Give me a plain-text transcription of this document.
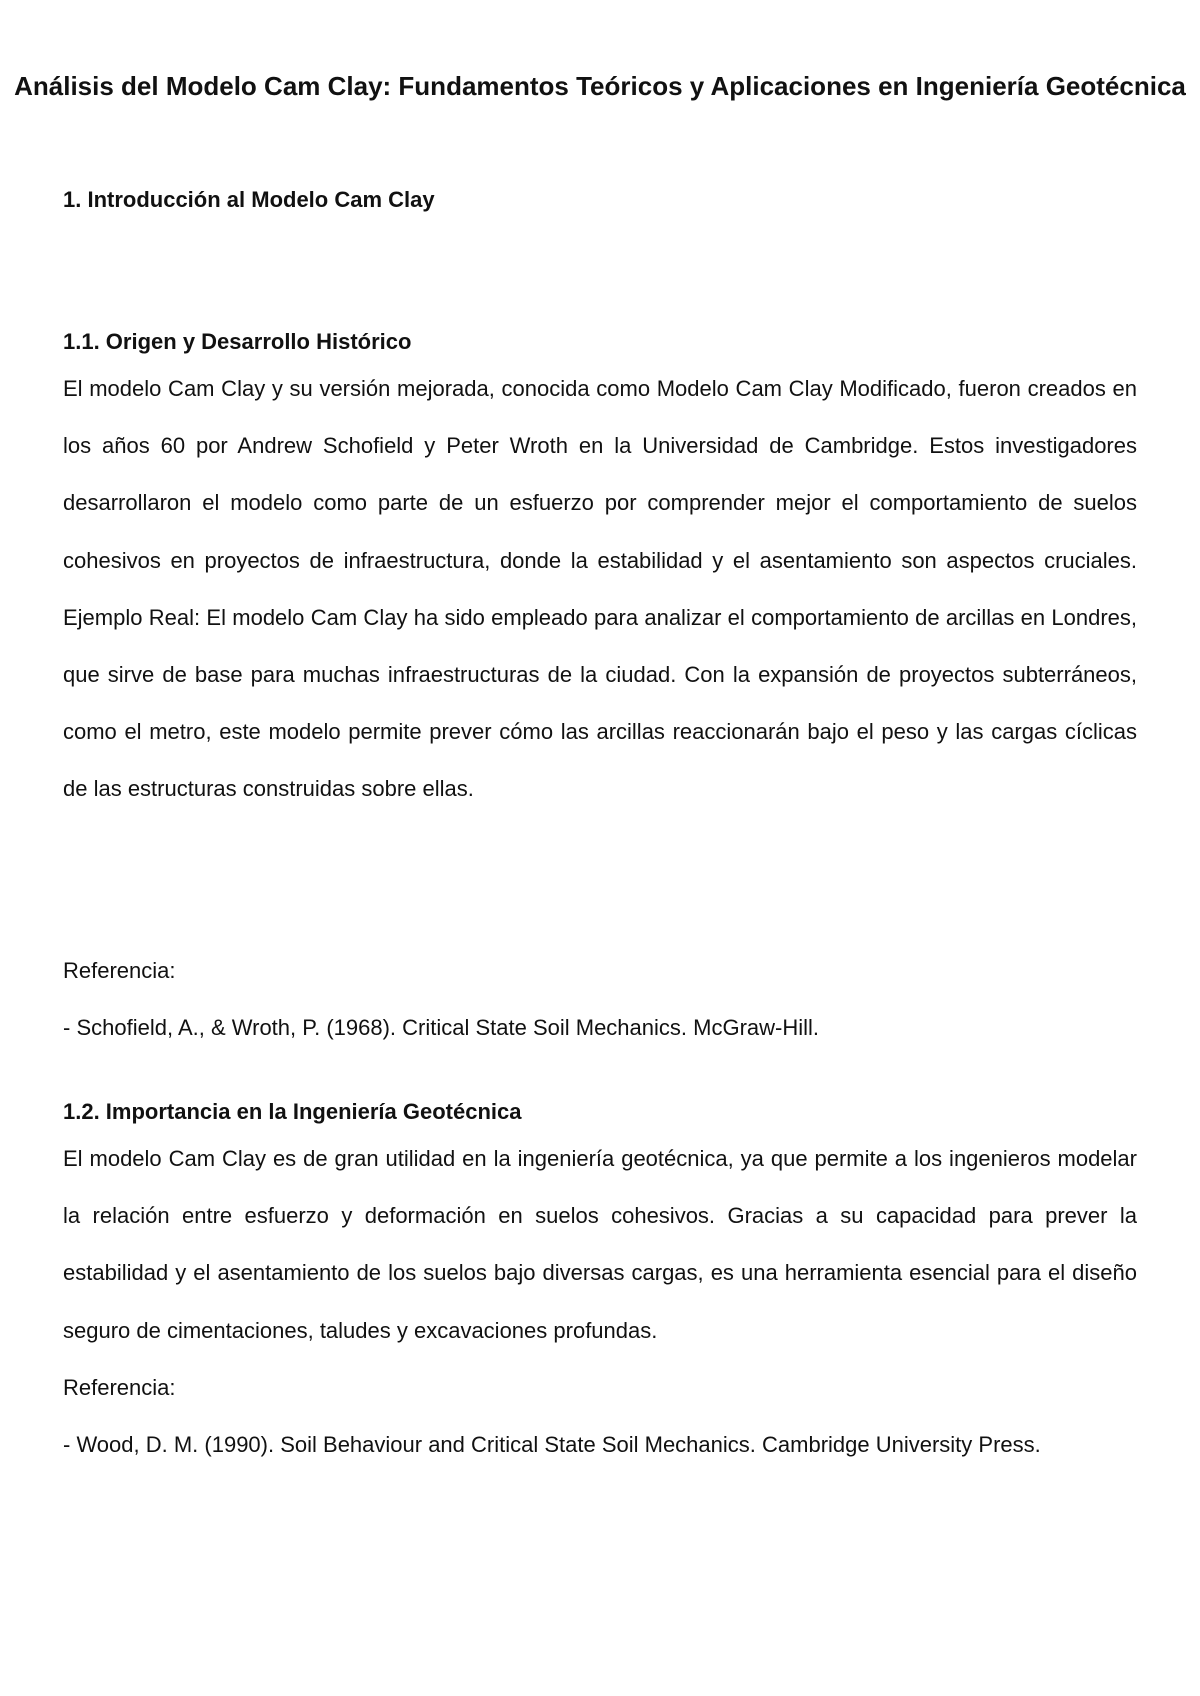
Análisis del Modelo Cam Clay: Fundamentos Teóricos y Aplicaciones en Ingeniería Geotécnica
1. Introducción al Modelo Cam Clay
1.1. Origen y Desarrollo Histórico

El modelo Cam Clay y su versión mejorada, conocida como Modelo Cam Clay Modificado, fueron creados en los años 60 por Andrew Schofield y Peter Wroth en la Universidad de Cambridge. Estos investigadores desarrollaron el modelo como parte de un esfuerzo por comprender mejor el comportamiento de suelos cohesivos en proyectos de infraestructura, donde la estabilidad y el asentamiento son aspectos cruciales. Ejemplo Real: El modelo Cam Clay ha sido empleado para analizar el comportamiento de arcillas en Londres, que sirve de base para muchas infraestructuras de la ciudad. Con la expansión de proyectos subterráneos, como el metro, este modelo permite prever cómo las arcillas reaccionarán bajo el peso y las cargas cíclicas de las estructuras construidas sobre ellas.

Referencia:

- Schofield, A., & Wroth, P. (1968). Critical State Soil Mechanics. McGraw-Hill.

1.2. Importancia en la Ingeniería Geotécnica

El modelo Cam Clay es de gran utilidad en la ingeniería geotécnica, ya que permite a los ingenieros modelar la relación entre esfuerzo y deformación en suelos cohesivos. Gracias a su capacidad para prever la estabilidad y el asentamiento de los suelos bajo diversas cargas, es una herramienta esencial para el diseño seguro de cimentaciones, taludes y excavaciones profundas.

Referencia:

- Wood, D. M. (1990). Soil Behaviour and Critical State Soil Mechanics. Cambridge University Press.
